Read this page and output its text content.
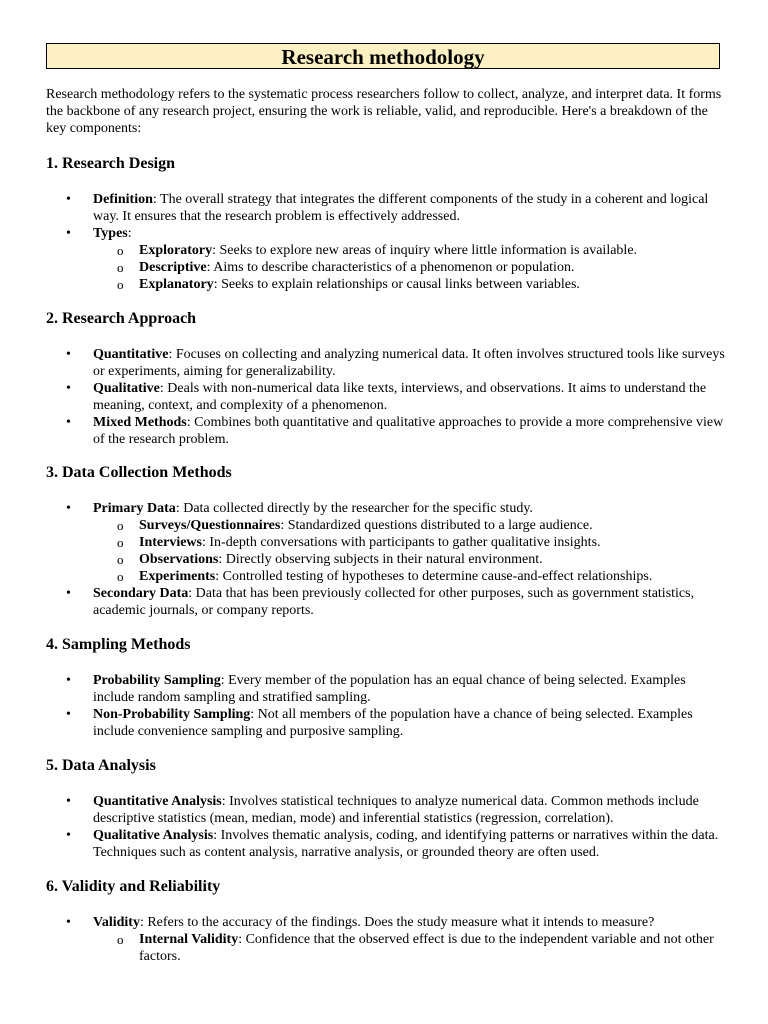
Research methodology

Research methodology refers to the systematic process researchers follow to collect, analyze, and interpret data. It forms the backbone of any research project, ensuring the work is reliable, valid, and reproducible. Here's a breakdown of the key components:

1. Research Design
• Definition: The overall strategy that integrates the different components of the study in a coherent and logical way. It ensures that the research problem is effectively addressed.
• Types:
o Exploratory: Seeks to explore new areas of inquiry where little information is available.
o Descriptive: Aims to describe characteristics of a phenomenon or population.
o Explanatory: Seeks to explain relationships or causal links between variables.
2. Research Approach
• Quantitative: Focuses on collecting and analyzing numerical data. It often involves structured tools like surveys or experiments, aiming for generalizability.
• Qualitative: Deals with non-numerical data like texts, interviews, and observations. It aims to understand the meaning, context, and complexity of a phenomenon.
• Mixed Methods: Combines both quantitative and qualitative approaches to provide a more comprehensive view of the research problem.
3. Data Collection Methods
• Primary Data: Data collected directly by the researcher for the specific study.
o Surveys/Questionnaires: Standardized questions distributed to a large audience.
o Interviews: In-depth conversations with participants to gather qualitative insights.
o Observations: Directly observing subjects in their natural environment.
o Experiments: Controlled testing of hypotheses to determine cause-and-effect relationships.
• Secondary Data: Data that has been previously collected for other purposes, such as government statistics, academic journals, or company reports.
4. Sampling Methods
• Probability Sampling: Every member of the population has an equal chance of being selected. Examples include random sampling and stratified sampling.
• Non-Probability Sampling: Not all members of the population have a chance of being selected. Examples include convenience sampling and purposive sampling.
5. Data Analysis
• Quantitative Analysis: Involves statistical techniques to analyze numerical data. Common methods include descriptive statistics (mean, median, mode) and inferential statistics (regression, correlation).
• Qualitative Analysis: Involves thematic analysis, coding, and identifying patterns or narratives within the data. Techniques such as content analysis, narrative analysis, or grounded theory are often used.
6. Validity and Reliability
• Validity: Refers to the accuracy of the findings. Does the study measure what it intends to measure?
o Internal Validity: Confidence that the observed effect is due to the independent variable and not other factors.
